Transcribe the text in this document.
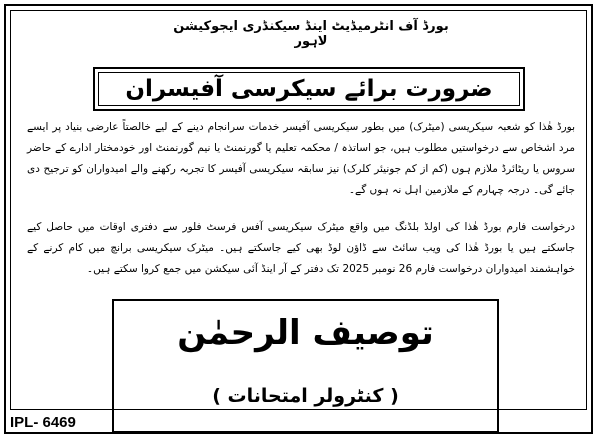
بورڈ آف انٹرمیڈیٹ اینڈ سیکنڈری ایجوکیشن لاہور
ضرورت برائے سیکرسی آفیسران
بورڈ ھٰذا کو شعبہ سیکریسی (میٹرک) میں بطور سیکریسی آفیسر خدمات سرانجام دینے کے لیے خالصتاً عارضی بنیاد پر ایسے مرد اشخاص سے درخواستیں مطلوب ہیں، جو اساتذہ / محکمہ تعلیم یا گورنمنٹ یا نیم گورنمنٹ اور خودمختار ادارے کے حاضر سروس یا ریٹائرڈ ملازم ہوں (کم از کم جونیئر کلرک) نیز سابقہ سیکریسی آفیسر کا تجربہ رکھنے والے امیدواران کو ترجیح دی جائے گی۔ درجہ چہارم کے ملازمین اہل نہ ہوں گے۔
درخواست فارم بورڈ ھٰذا کی اولڈ بلڈنگ میں واقع میٹرک سیکریسی آفس فرسٹ فلور سے دفتری اوقات میں حاصل کیے جاسکتے ہیں یا بورڈ ھٰذا کی ویب سائٹ سے ڈاؤن لوڈ بھی کیے جاسکتے ہیں۔ میٹرک سیکریسی برانچ میں کام کرنے کے خواہشمند امیدواران درخواست فارم 26 نومبر 2025 تک دفتر کے آر اینڈ آئی سیکشن میں جمع کروا سکتے ہیں۔
توصیف الرحمٰن
( کنٹرولر امتحانات )
IPL- 6469
